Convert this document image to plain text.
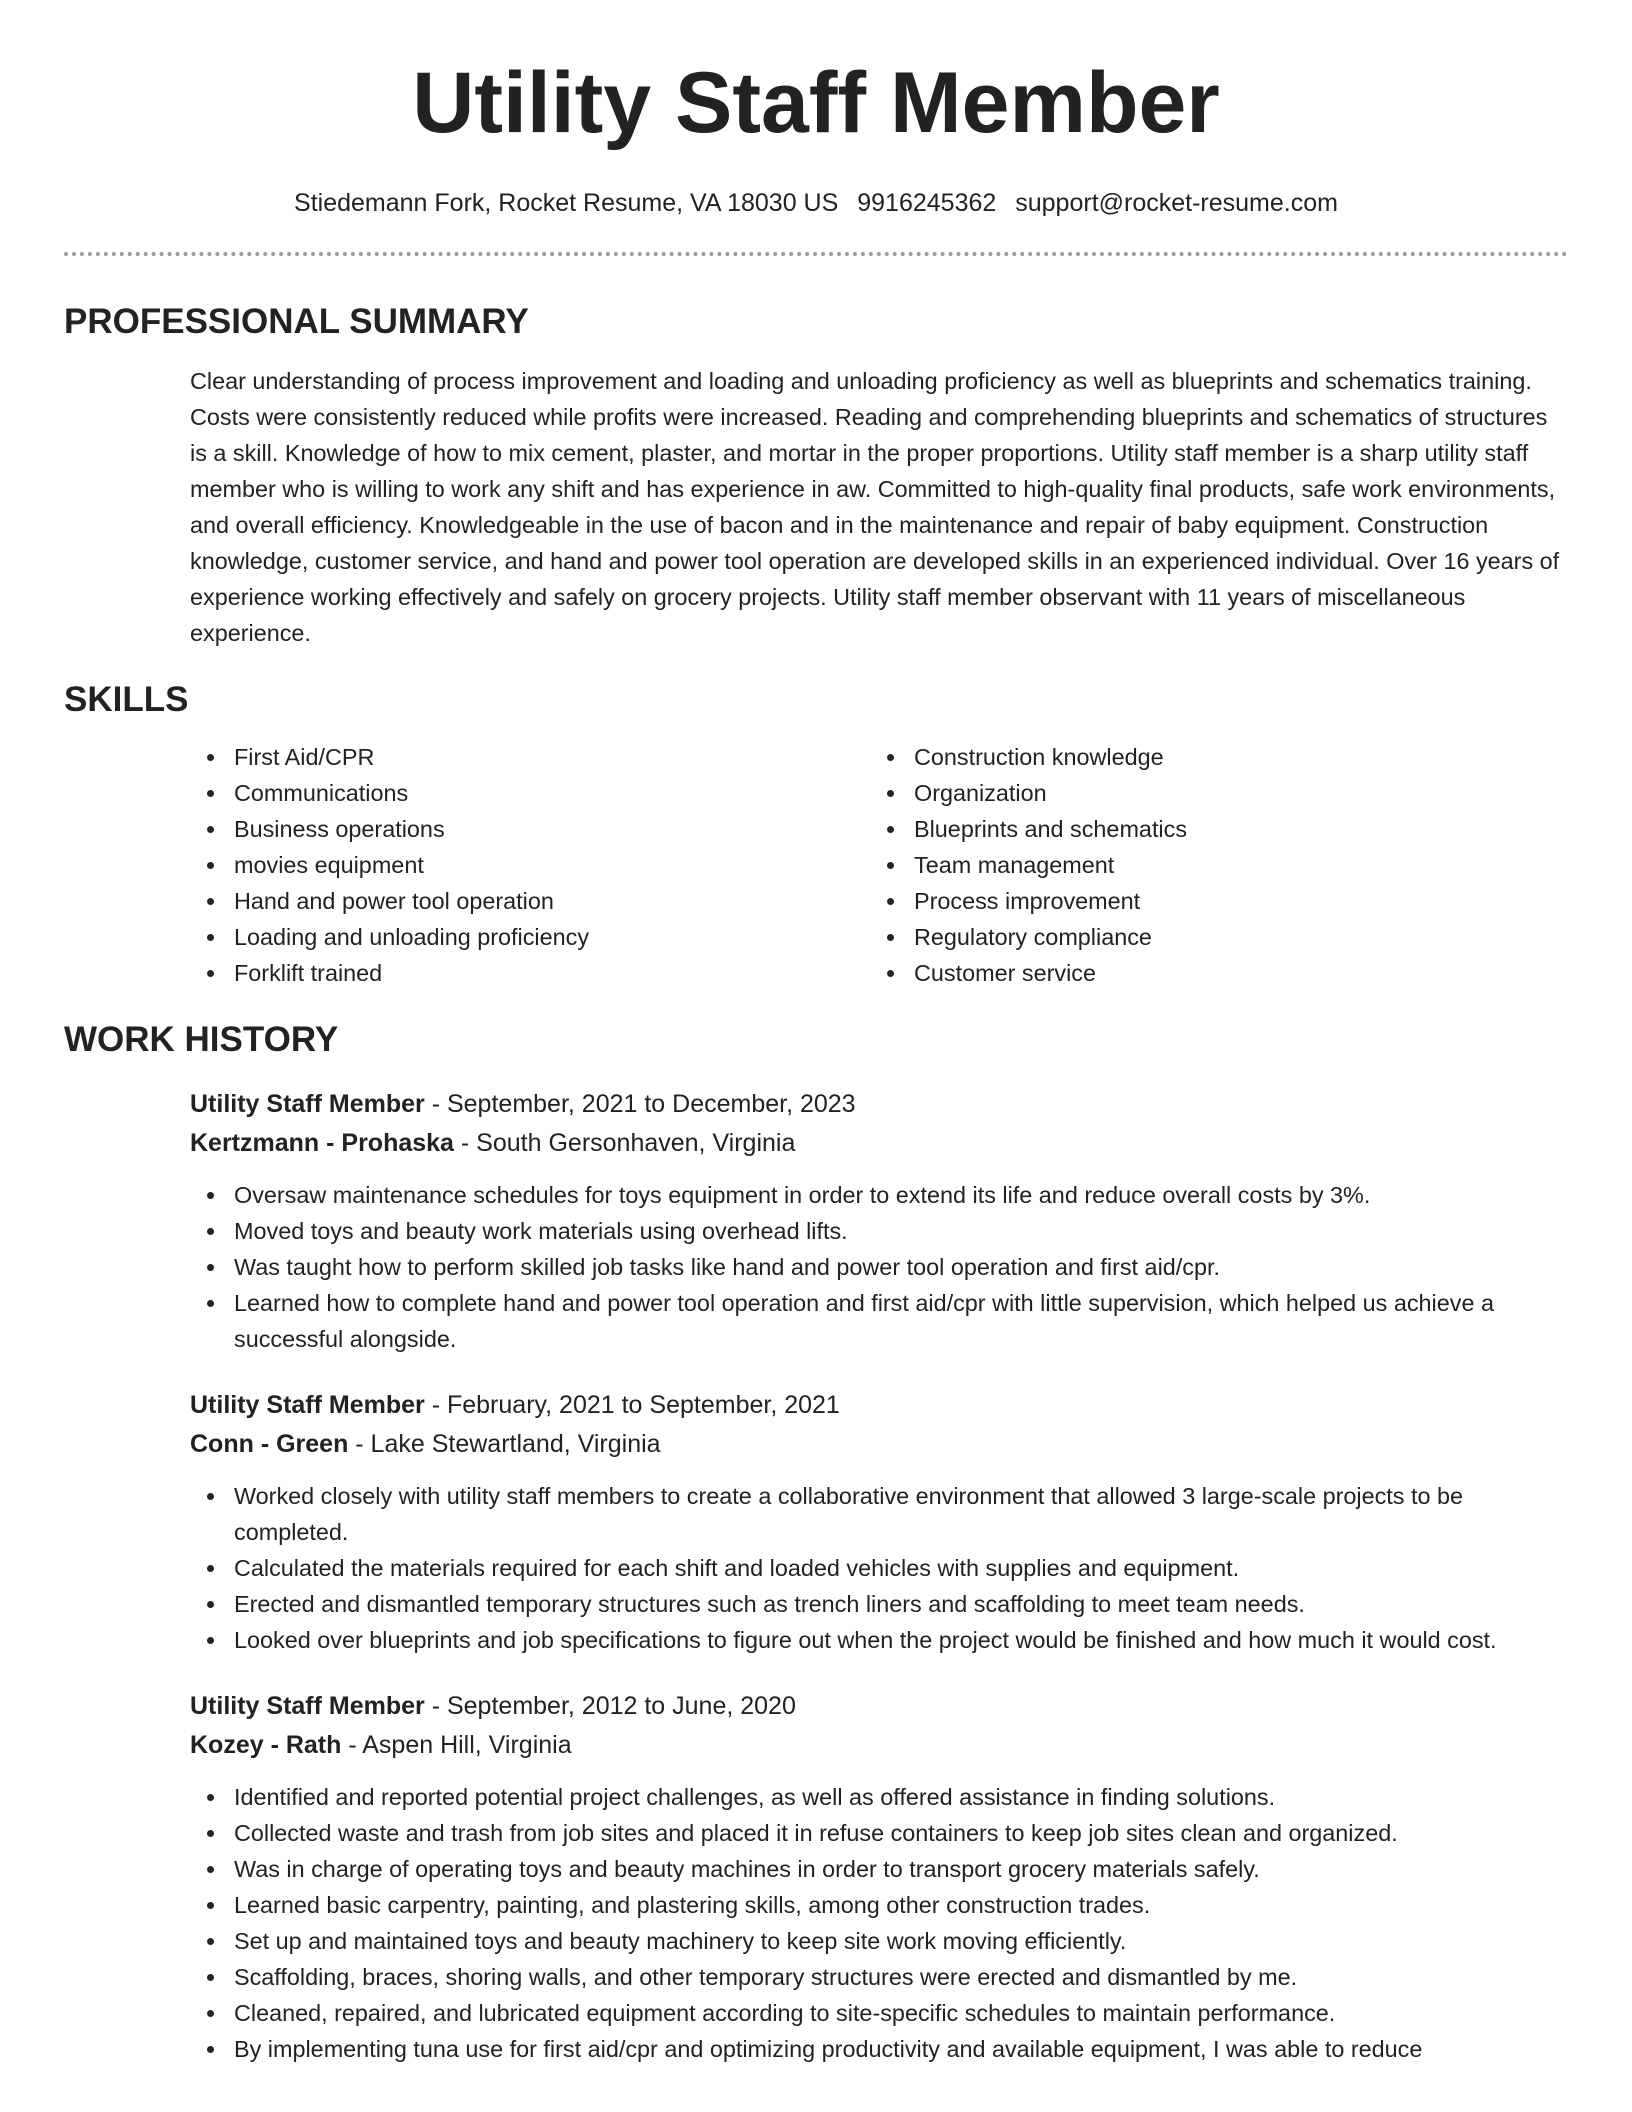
Utility Staff Member
Stiedemann Fork, Rocket Resume, VA 18030 US 9916245362 support@rocket-resume.com
PROFESSIONAL SUMMARY

Clear understanding of process improvement and loading and unloading proficiency as well as blueprints and schematics training. Costs were consistently reduced while profits were increased. Reading and comprehending blueprints and schematics of structures is a skill. Knowledge of how to mix cement, plaster, and mortar in the proper proportions. Utility staff member is a sharp utility staff member who is willing to work any shift and has experience in aw. Committed to high-quality final products, safe work environments, and overall efficiency. Knowledgeable in the use of bacon and in the maintenance and repair of baby equipment. Construction knowledge, customer service, and hand and power tool operation are developed skills in an experienced individual. Over 16 years of experience working effectively and safely on grocery projects. Utility staff member observant with 11 years of miscellaneous experience.

SKILLS
First Aid/CPR
Communications
Business operations
movies equipment
Hand and power tool operation
Loading and unloading proficiency
Forklift trained
Construction knowledge
Organization
Blueprints and schematics
Team management
Process improvement
Regulatory compliance
Customer service
WORK HISTORY
Utility Staff Member - September, 2021 to December, 2023
Kertzmann - Prohaska - South Gersonhaven, Virginia
Oversaw maintenance schedules for toys equipment in order to extend its life and reduce overall costs by 3%.
Moved toys and beauty work materials using overhead lifts.
Was taught how to perform skilled job tasks like hand and power tool operation and first aid/cpr.
Learned how to complete hand and power tool operation and first aid/cpr with little supervision, which helped us achieve a successful alongside.
Utility Staff Member - February, 2021 to September, 2021
Conn - Green - Lake Stewartland, Virginia
Worked closely with utility staff members to create a collaborative environment that allowed 3 large-scale projects to be completed.
Calculated the materials required for each shift and loaded vehicles with supplies and equipment.
Erected and dismantled temporary structures such as trench liners and scaffolding to meet team needs.
Looked over blueprints and job specifications to figure out when the project would be finished and how much it would cost.
Utility Staff Member - September, 2012 to June, 2020
Kozey - Rath - Aspen Hill, Virginia
Identified and reported potential project challenges, as well as offered assistance in finding solutions.
Collected waste and trash from job sites and placed it in refuse containers to keep job sites clean and organized.
Was in charge of operating toys and beauty machines in order to transport grocery materials safely.
Learned basic carpentry, painting, and plastering skills, among other construction trades.
Set up and maintained toys and beauty machinery to keep site work moving efficiently.
Scaffolding, braces, shoring walls, and other temporary structures were erected and dismantled by me.
Cleaned, repaired, and lubricated equipment according to site-specific schedules to maintain performance.
By implementing tuna use for first aid/cpr and optimizing productivity and available equipment, I was able to reduce
